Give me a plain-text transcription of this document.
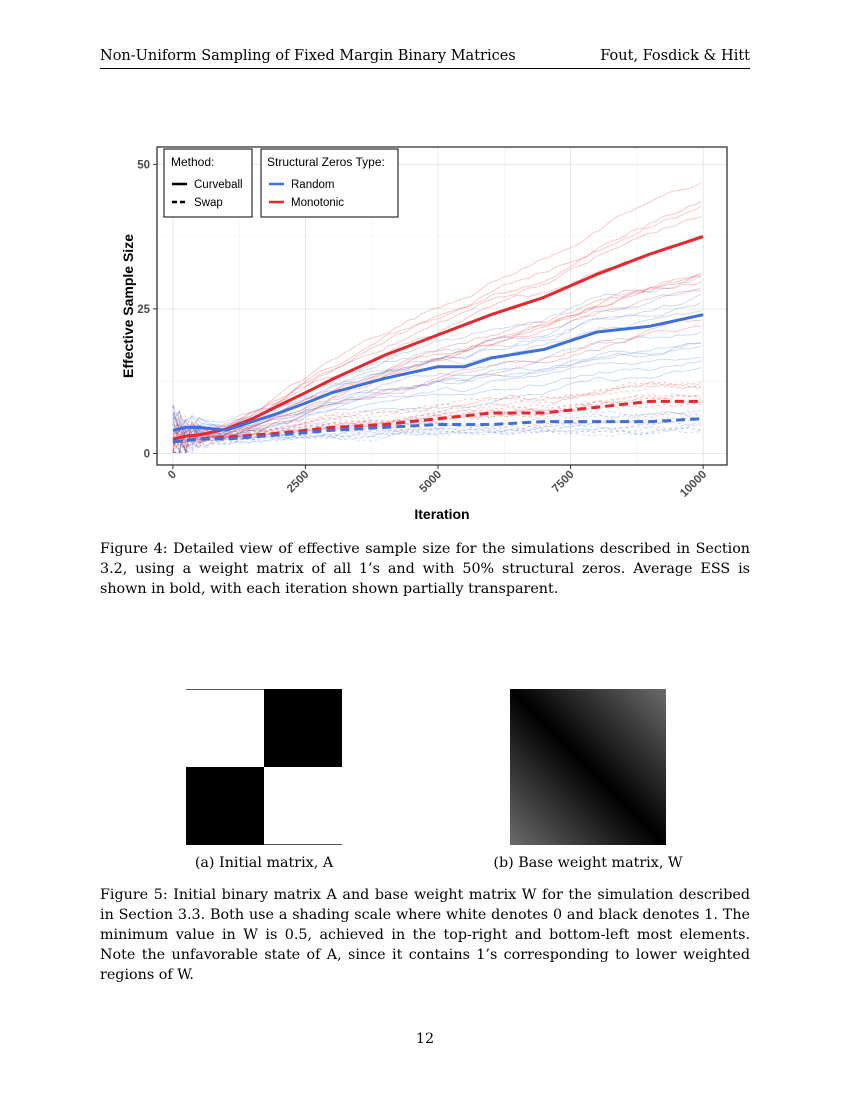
Non-Uniform Sampling of Fixed Margin Binary Matrices	Fout, Fosdick & Hitt
0
25
50
0	2500	5000	7500	10000
Iteration
Effective Sample Size
Method:
Curveball
Swap
Structural Zeros Type:
Random
Monotonic
Figure 4: Detailed view of effective sample size for the simulations described in Section 3.2, using a weight matrix of all 1’s and with 50% structural zeros. Average ESS is shown in bold, with each iteration shown partially transparent.
(a) Initial matrix, A	(b) Base weight matrix, W
Figure 5: Initial binary matrix A and base weight matrix W for the simulation described in Section 3.3. Both use a shading scale where white denotes 0 and black denotes 1. The minimum value in W is 0.5, achieved in the top-right and bottom-left most elements. Note the unfavorable state of A, since it contains 1’s corresponding to lower weighted regions of W.
12
